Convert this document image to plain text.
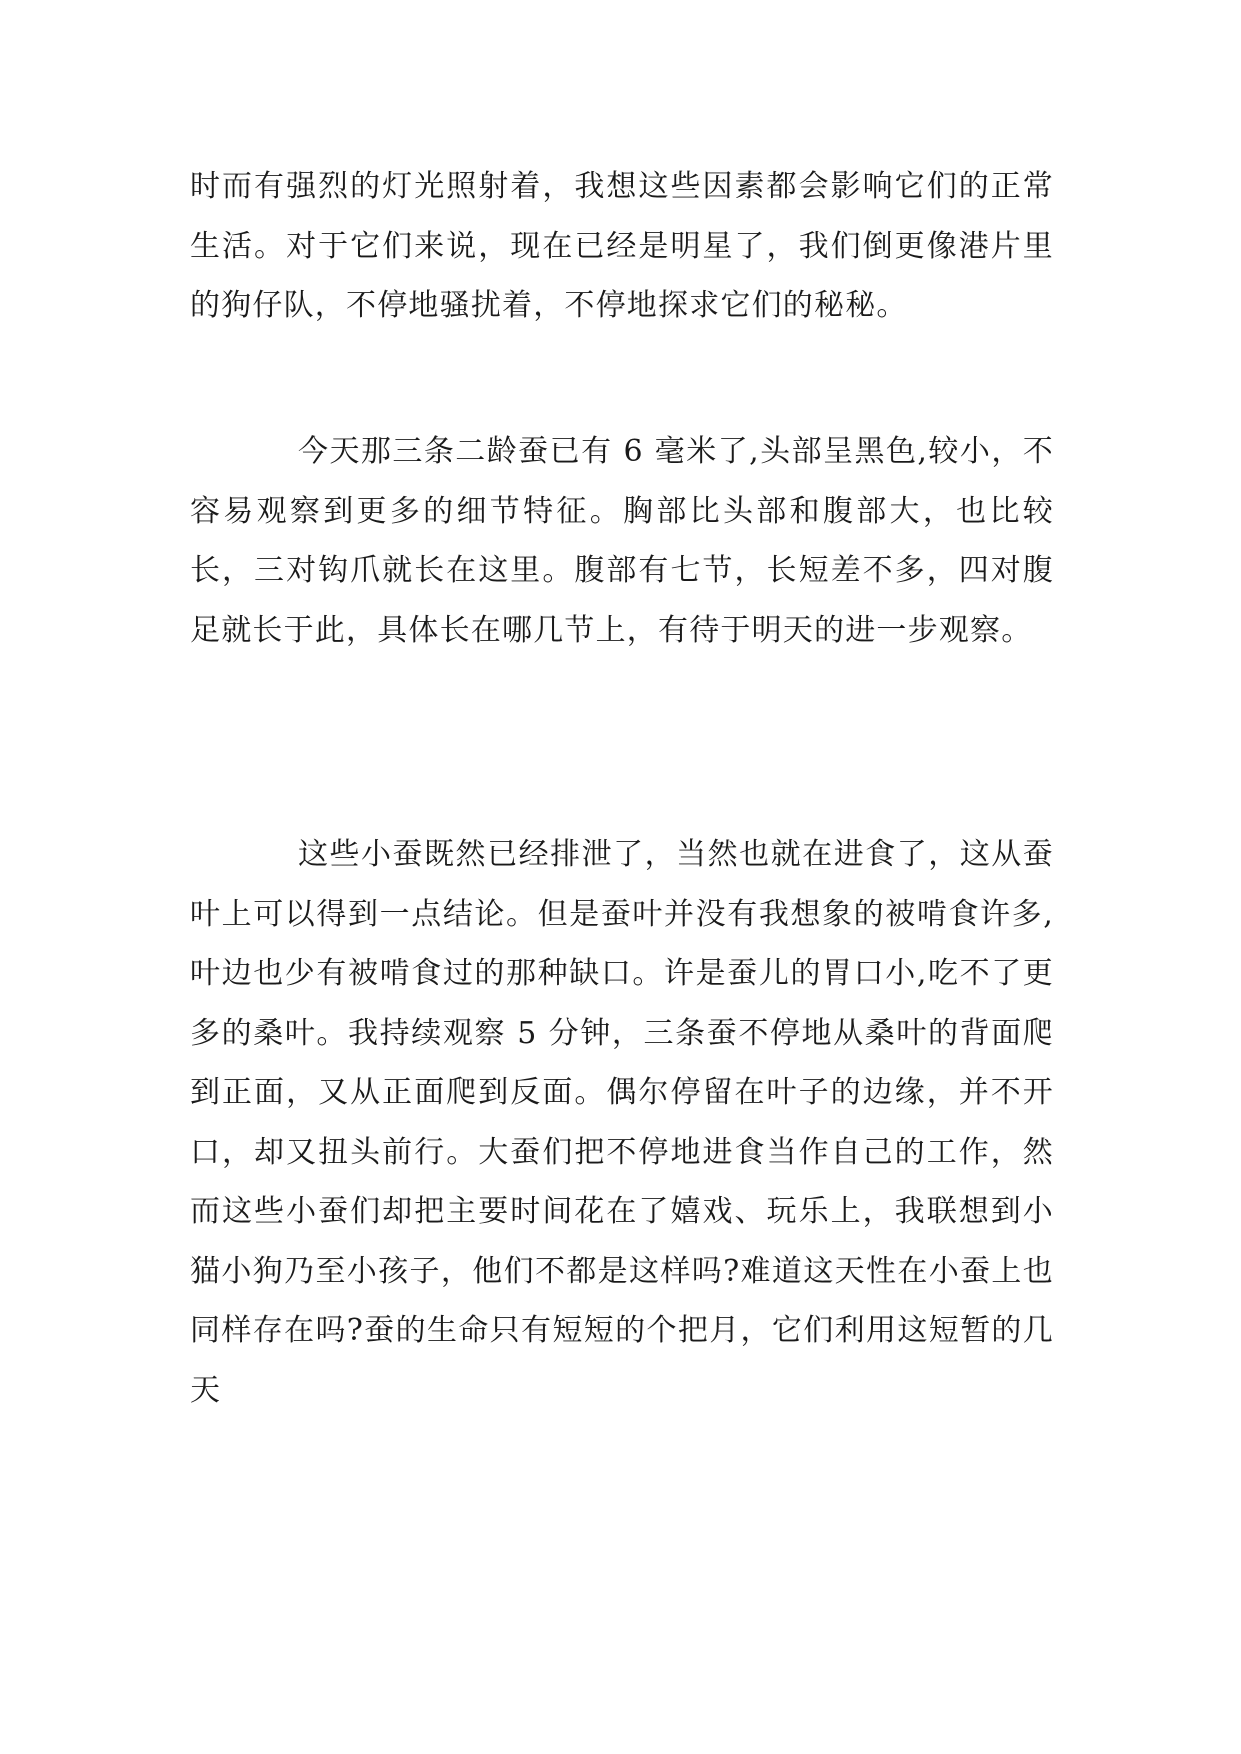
时而有强烈的灯光照射着，我想这些因素都会影响它们的正常生活。对于它们来说，现在已经是明星了，我们倒更像港片里的狗仔队，不停地骚扰着，不停地探求它们的秘秘。

今天那三条二龄蚕已有 6 毫米了,头部呈黑色,较小，不容易观察到更多的细节特征。胸部比头部和腹部大，也比较长，三对钩爪就长在这里。腹部有七节，长短差不多，四对腹足就长于此，具体长在哪几节上，有待于明天的进一步观察。

这些小蚕既然已经排泄了，当然也就在进食了，这从蚕叶上可以得到一点结论。但是蚕叶并没有我想象的被啃食许多,叶边也少有被啃食过的那种缺口。许是蚕儿的胃口小,吃不了更多的桑叶。我持续观察 5 分钟，三条蚕不停地从桑叶的背面爬到正面，又从正面爬到反面。偶尔停留在叶子的边缘，并不开口，却又扭头前行。大蚕们把不停地进食当作自己的工作，然而这些小蚕们却把主要时间花在了嬉戏、玩乐上，我联想到小猫小狗乃至小孩子，他们不都是这样吗?难道这天性在小蚕上也同样存在吗?蚕的生命只有短短的个把月，它们利用这短暂的几天
